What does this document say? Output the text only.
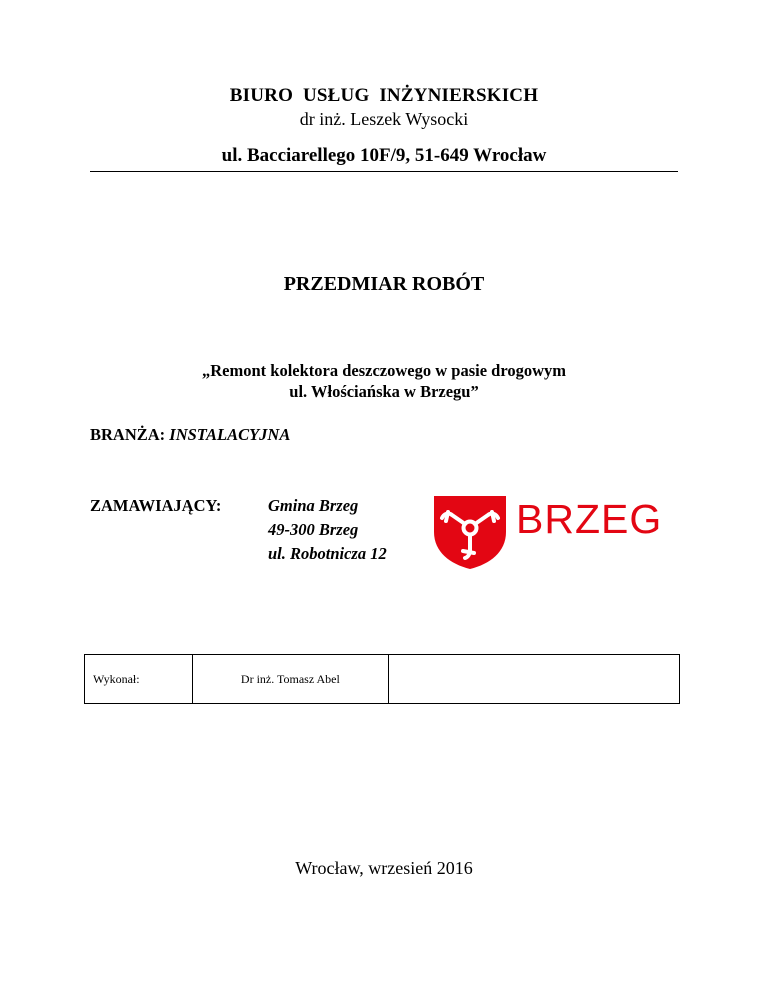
BIURO  USŁUG  INŻYNIERSKICH
dr inż. Leszek Wysocki
ul. Bacciarellego 10F/9, 51-649 Wrocław
PRZEDMIAR ROBÓT
„Remont kolektora deszczowego w pasie drogowym
ul. Włościańska w Brzegu”
BRANŻA: INSTALACYJNA
ZAMAWIAJĄCY:	Gmina Brzeg
49-300 Brzeg
ul. Robotnicza 12
BRZEG
Wykonał:	Dr inż. Tomasz Abel	
Wrocław, wrzesień 2016
